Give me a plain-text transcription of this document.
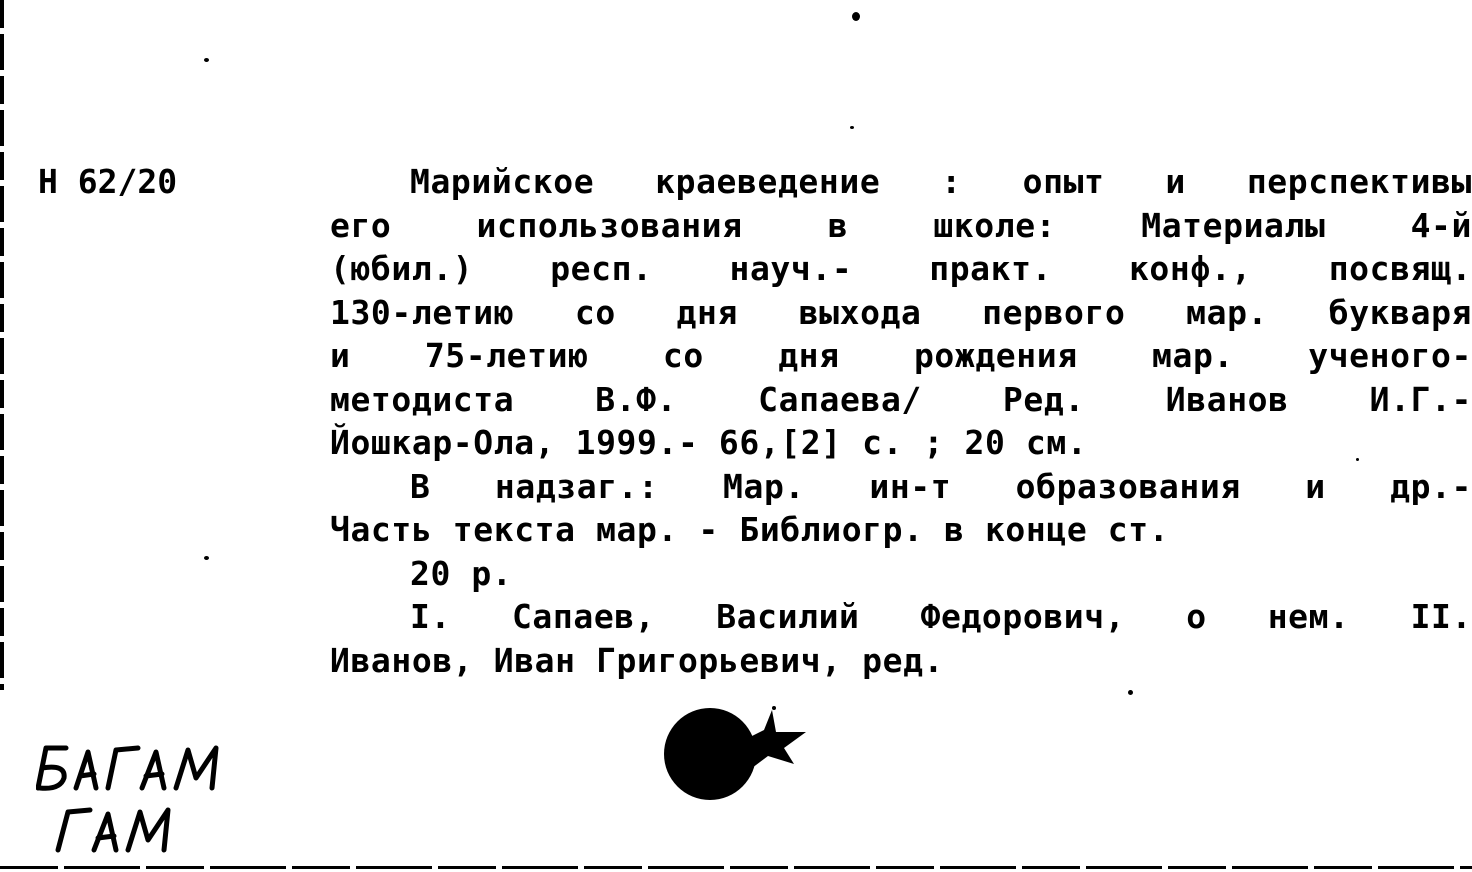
Н 62/20	Марийское краеведение : опыт и перспективы
его использования в школе: Материалы 4-й
(юбил.) респ. науч.- практ. конф., посвящ.
130-летию со дня выхода первого мар. букваря
и 75-летию со дня рождения мар. ученого-
методиста В.Ф. Сапаева/ Ред. Иванов И.Г.-
Йошкар-Ола, 1999.- 66,[2] с. ; 20 см.
В надзаг.: Мар. ин-т образования и др.-
Часть текста мар. - Библиогр. в конце ст.
20 р.
I. Сапаев, Василий Федорович, о нем. II.
Иванов, Иван Григорьевич, ред.
